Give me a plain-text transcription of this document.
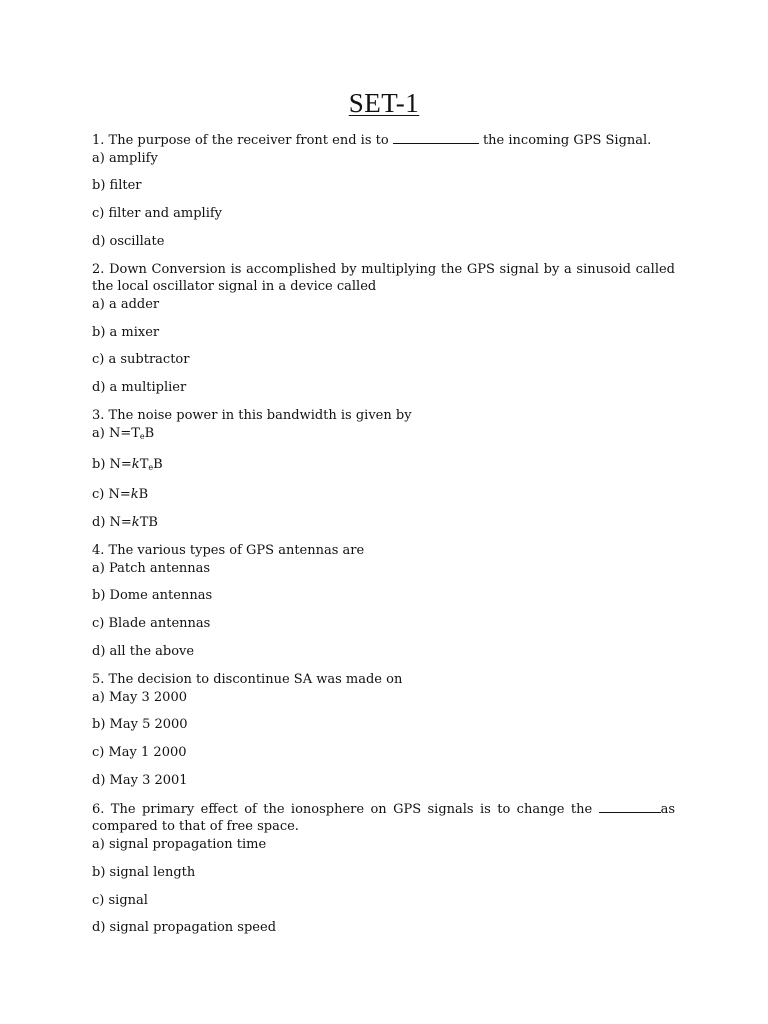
SET-1

1. The purpose of the receiver front end is to	the incoming GPS Signal.

a) amplify

b) filter

c) filter and amplify

d) oscillate

2. Down Conversion is accomplished by multiplying the GPS signal by a sinusoid called the local oscillator signal in a device called

a) a adder

b) a mixer

c) a subtractor

d) a multiplier

3. The noise power in this bandwidth is given by

a) $N=T_eB$

b) $N=kT_eB$

c) N=kB

d) N=kTB

4. The various types of GPS antennas are

a) Patch antennas

b) Dome antennas

c) Blade antennas

d) all the above

5. The decision to discontinue SA was made on

a) May 3 2000

b) May 5 2000

c) May 1 2000

d) May 3 2001

6. The primary effect of the ionosphere on GPS signals is to change the	as compared to that of free space.

a) signal propagation time

b) signal length

c) signal

d) signal propagation speed
